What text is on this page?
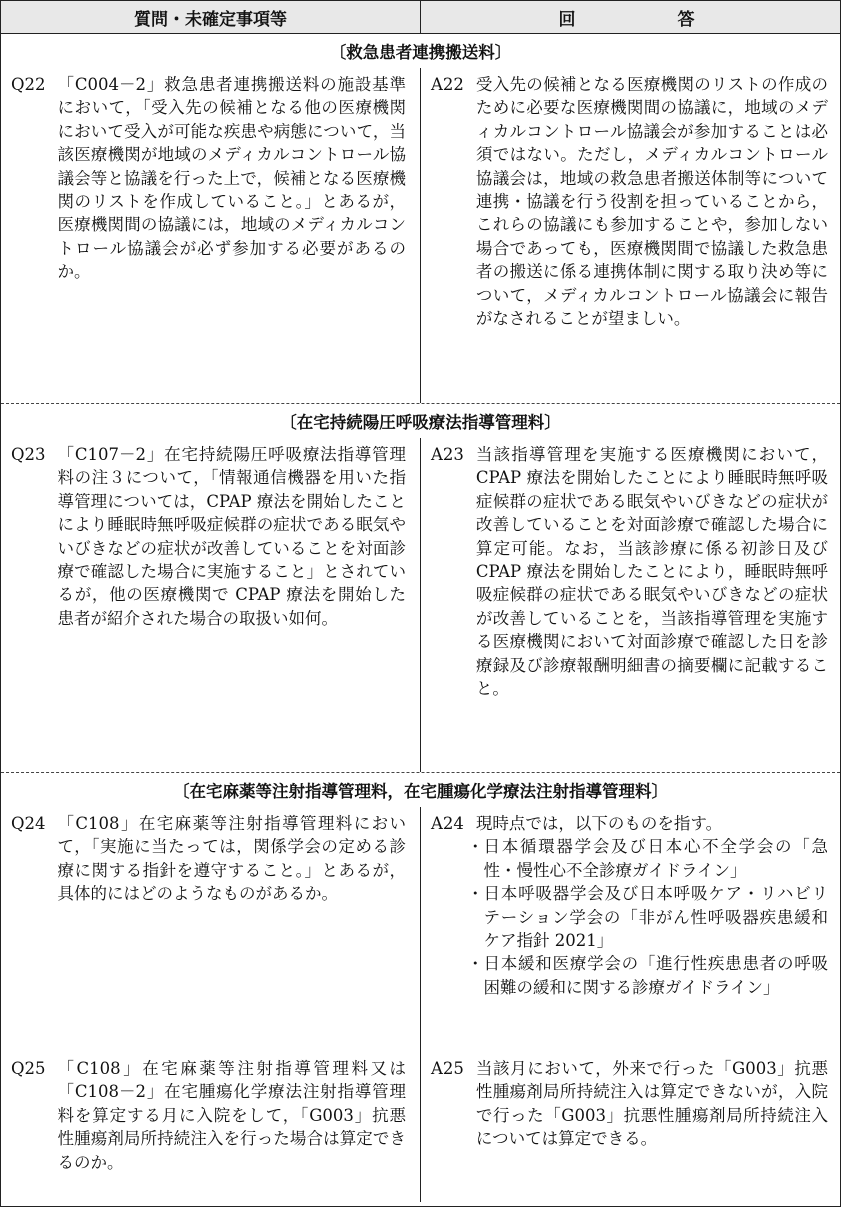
質問・未確定事項等	回 答
〔救急患者連携搬送料〕
Q22 「C004－2」救急患者連携搬送料の施設基準において，「受入先の候補となる他の医療機関において受入が可能な疾患や病態について，当該医療機関が地域のメディカルコントロール協議会等と協議を行った上で，候補となる医療機関のリストを作成していること。」とあるが，医療機関間の協議には，地域のメディカルコントロール協議会が必ず参加する必要があるのか。
A22 受入先の候補となる医療機関のリストの作成のために必要な医療機関間の協議に，地域のメディカルコントロール協議会が参加することは必須ではない。ただし，メディカルコントロール協議会は，地域の救急患者搬送体制等について連携・協議を行う役割を担っていることから，これらの協議にも参加することや，参加しない場合であっても，医療機関間で協議した救急患者の搬送に係る連携体制に関する取り決め等について，メディカルコントロール協議会に報告がなされることが望ましい。
〔在宅持続陽圧呼吸療法指導管理料〕
Q23 「C107－2」在宅持続陽圧呼吸療法指導管理料の注３について，「情報通信機器を用いた指導管理については，CPAP 療法を開始したことにより睡眠時無呼吸症候群の症状である眠気やいびきなどの症状が改善していることを対面診療で確認した場合に実施すること」とされているが，他の医療機関で CPAP 療法を開始した患者が紹介された場合の取扱い如何。
A23 当該指導管理を実施する医療機関において，CPAP 療法を開始したことにより睡眠時無呼吸症候群の症状である眠気やいびきなどの症状が改善していることを対面診療で確認した場合に算定可能。なお，当該診療に係る初診日及び CPAP 療法を開始したことにより，睡眠時無呼吸症候群の症状である眠気やいびきなどの症状が改善していることを，当該指導管理を実施する医療機関において対面診療で確認した日を診療録及び診療報酬明細書の摘要欄に記載すること。
〔在宅麻薬等注射指導管理料，在宅腫瘍化学療法注射指導管理料〕
Q24 「C108」在宅麻薬等注射指導管理料において，「実施に当たっては，関係学会の定める診療に関する指針を遵守すること。」とあるが，具体的にはどのようなものがあるか。
A24 現時点では，以下のものを指す。
・ 日本循環器学会及び日本心不全学会の「急性・慢性心不全診療ガイドライン」
・ 日本呼吸器学会及び日本呼吸ケア・リハビリテーション学会の「非がん性呼吸器疾患緩和ケア指針 2021」
・ 日本緩和医療学会の「進行性疾患患者の呼吸困難の緩和に関する診療ガイドライン」
Q25 「C108」在宅麻薬等注射指導管理料又は「C108－2」在宅腫瘍化学療法注射指導管理料を算定する月に入院をして，「G003」抗悪性腫瘍剤局所持続注入を行った場合は算定できるのか。
A25 当該月において，外来で行った「G003」抗悪性腫瘍剤局所持続注入は算定できないが，入院で行った「G003」抗悪性腫瘍剤局所持続注入については算定できる。
